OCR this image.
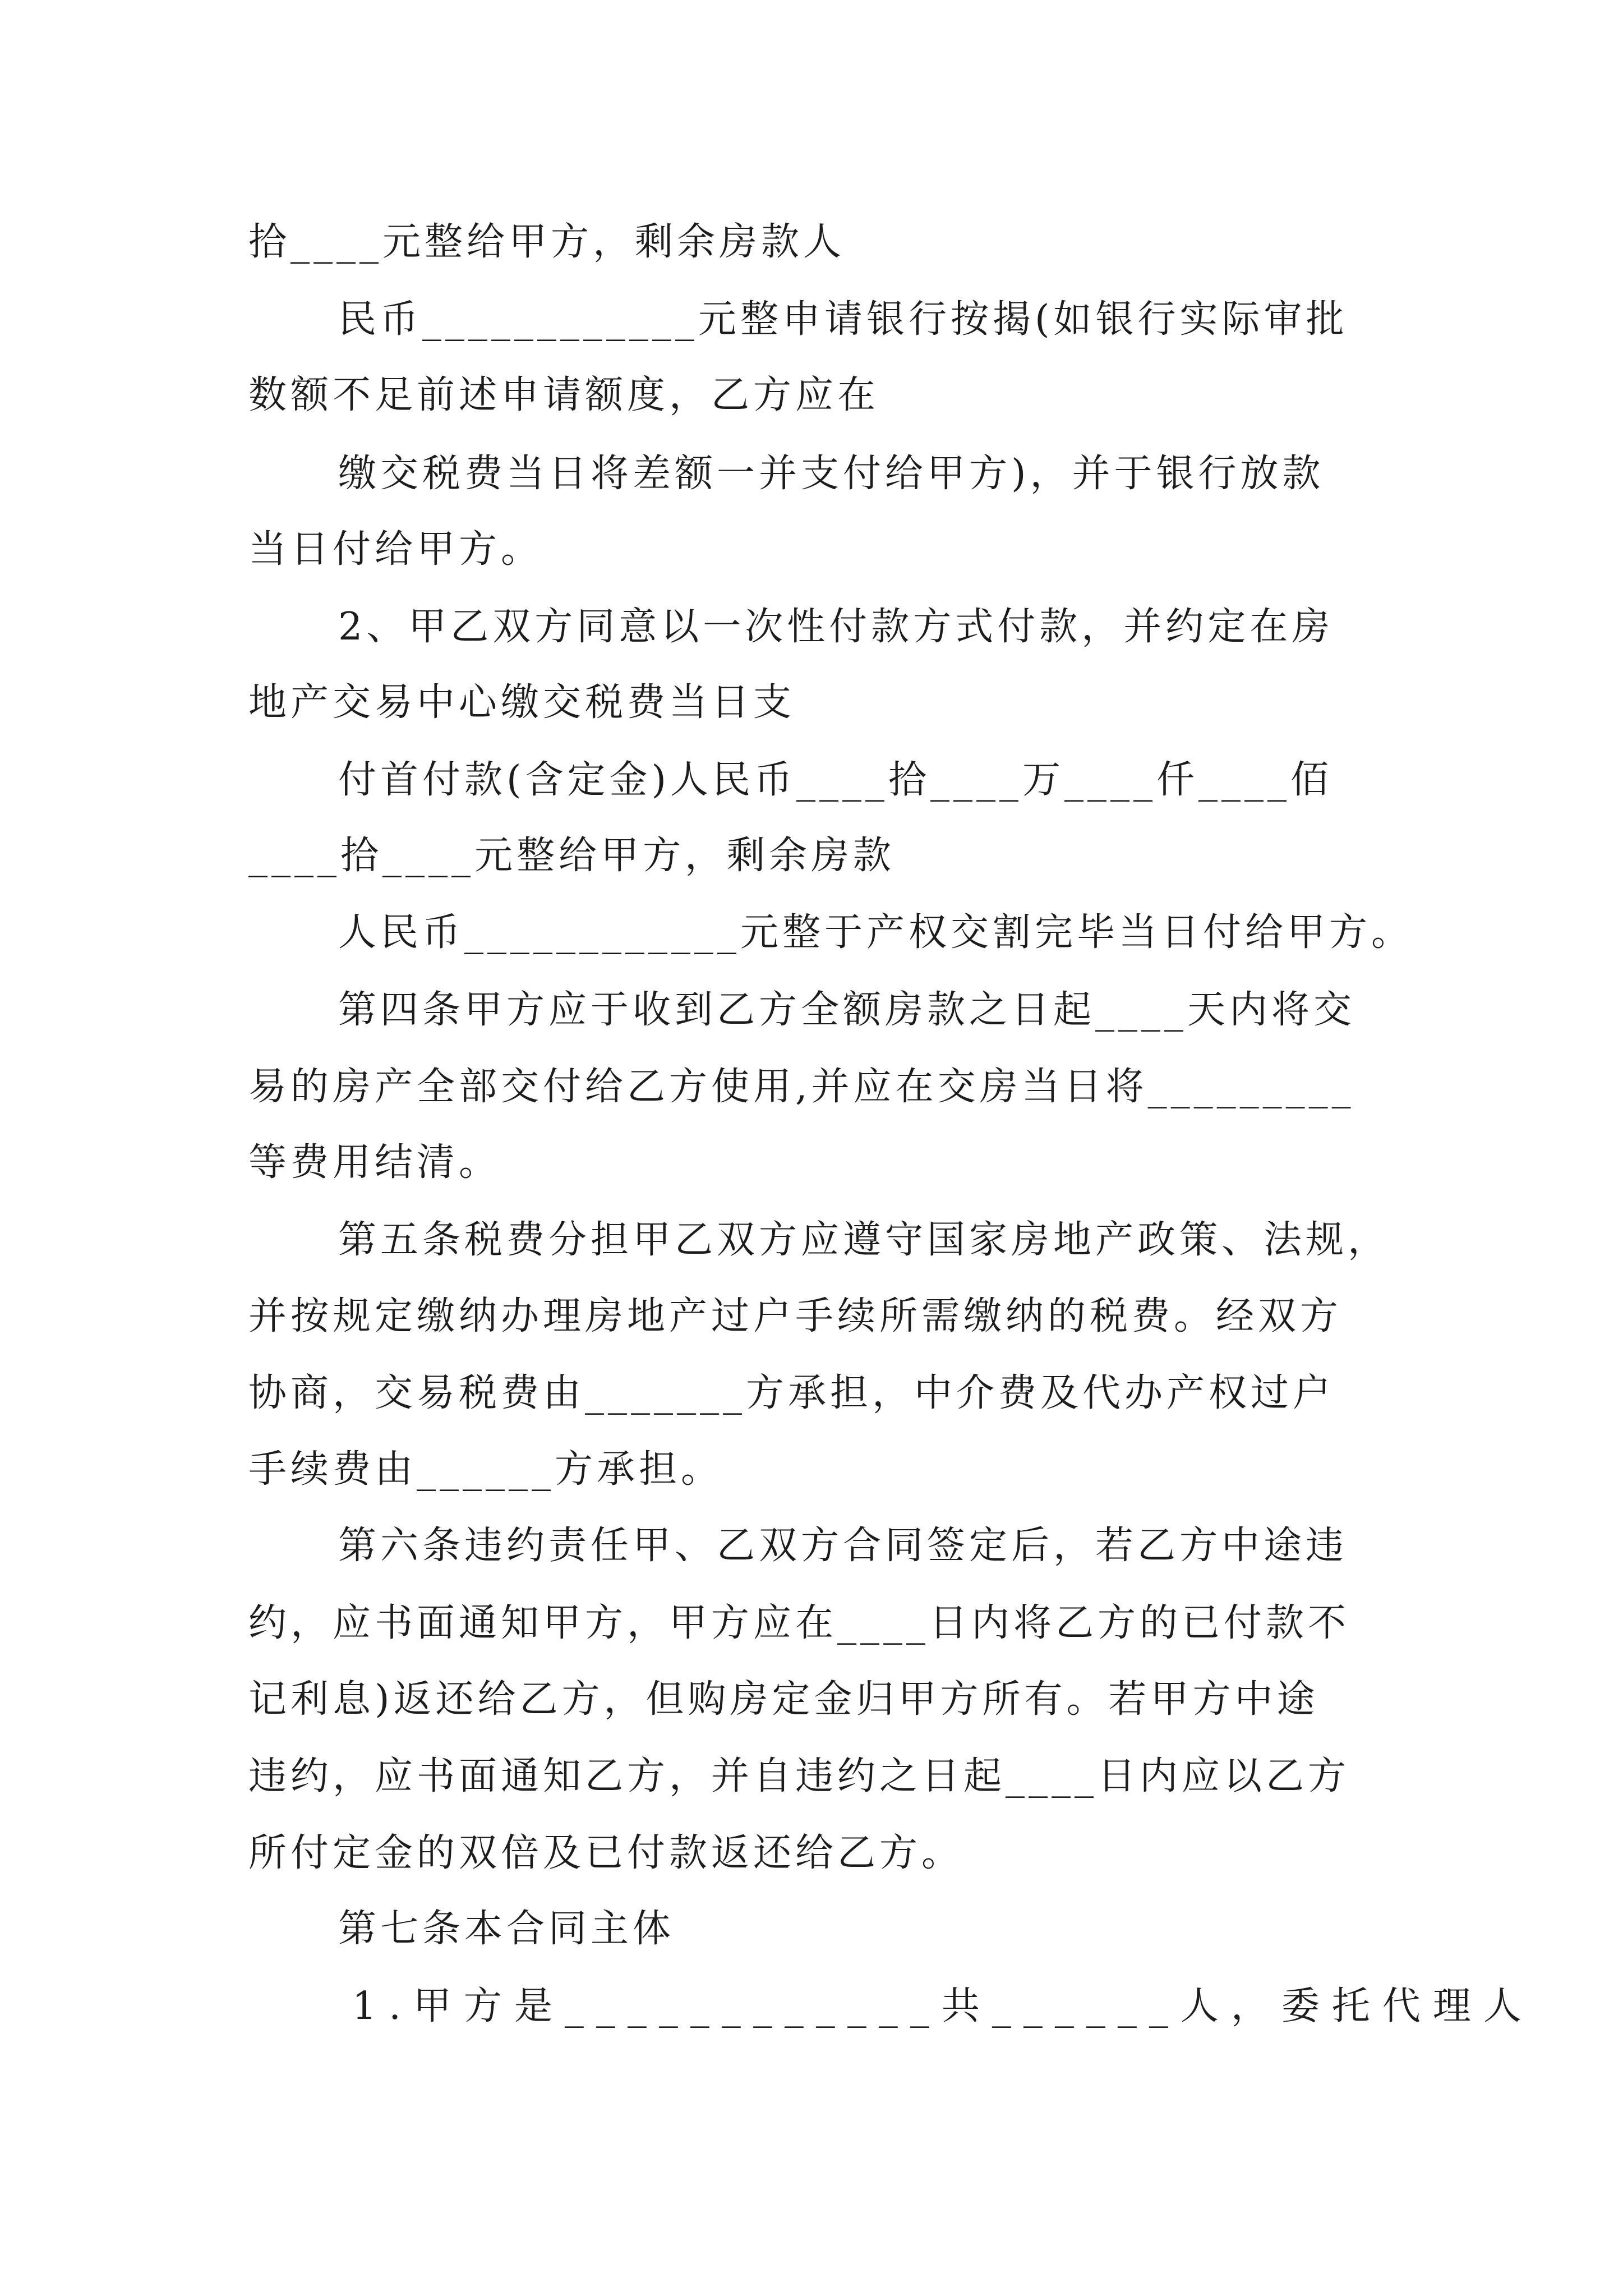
拾____元整给甲方，剩余房款人
民币____________元整申请银行按揭(如银行实际审批
数额不足前述申请额度，乙方应在
缴交税费当日将差额一并支付给甲方)，并于银行放款
当日付给甲方。
2、甲乙双方同意以一次性付款方式付款，并约定在房
地产交易中心缴交税费当日支
付首付款(含定金)人民币____拾____万____仟____佰
____拾____元整给甲方，剩余房款
人民币____________元整于产权交割完毕当日付给甲方。
第四条甲方应于收到乙方全额房款之日起____天内将交
易的房产全部交付给乙方使用,并应在交房当日将_________
等费用结清。
第五条税费分担甲乙双方应遵守国家房地产政策、法规，
并按规定缴纳办理房地产过户手续所需缴纳的税费。经双方
协商，交易税费由_______方承担，中介费及代办产权过户
手续费由______方承担。
第六条违约责任甲、乙双方合同签定后，若乙方中途违
约，应书面通知甲方，甲方应在____日内将乙方的已付款不
记利息)返还给乙方，但购房定金归甲方所有。若甲方中途
违约，应书面通知乙方，并自违约之日起____日内应以乙方
所付定金的双倍及已付款返还给乙方。
第七条本合同主体
1.甲方是____________共______人，委托代理人
